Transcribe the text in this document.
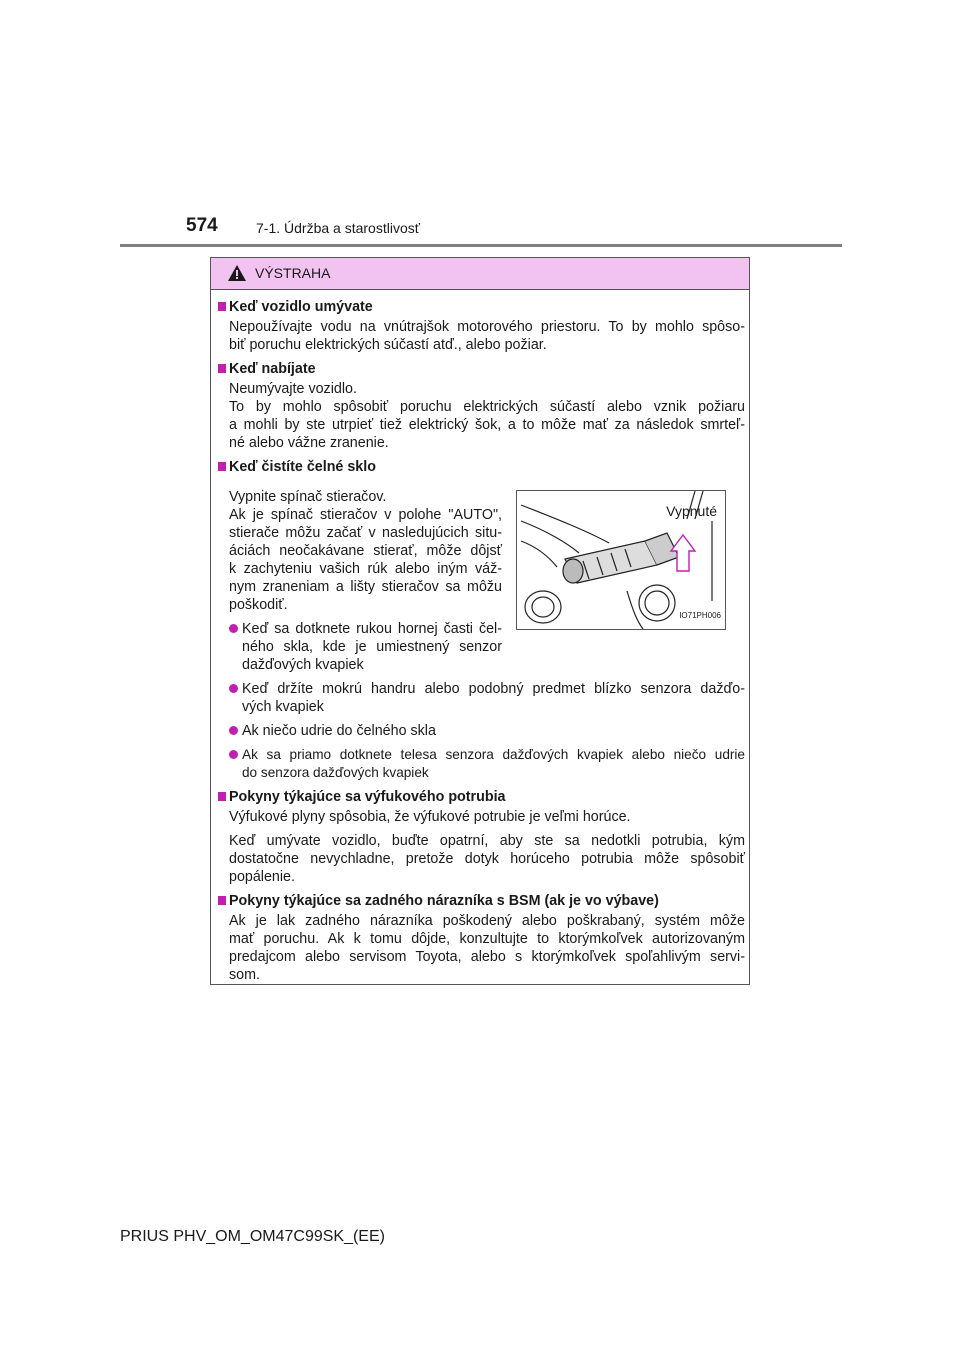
574	7-1. Údržba a starostlivosť
VÝSTRAHA
Keď vozidlo umývate
Nepoužívajte vodu na vnútrajšok motorového priestoru. To by mohlo spôso-
biť poruchu elektrických súčastí atď., alebo požiar.
Keď nabíjate
Neumývajte vozidlo.
To by mohlo spôsobiť poruchu elektrických súčastí alebo vznik požiaru
a mohli by ste utrpieť tiež elektrický šok, a to môže mať za následok smrteľ-
né alebo vážne zranenie.
Keď čistíte čelné sklo
Vypnite spínač stieračov.
Ak je spínač stieračov v polohe "AUTO",
stierače môžu začať v nasledujúcich situ-
áciách neočakávane stierať, môže dôjsť
k zachyteniu vašich rúk alebo iným váž-
nym zraneniam a lišty stieračov sa môžu
poškodiť.
Keď sa dotknete rukou hornej časti čel-
ného skla, kde je umiestnený senzor
dažďových kvapiek
Vypnuté
IO71PH006
Keď držíte mokrú handru alebo podobný predmet blízko senzora dažďo-
vých kvapiek
Ak niečo udrie do čelného skla
Ak sa priamo dotknete telesa senzora dažďových kvapiek alebo niečo udrie
do senzora dažďových kvapiek
Pokyny týkajúce sa výfukového potrubia
Výfukové plyny spôsobia, že výfukové potrubie je veľmi horúce.
Keď umývate vozidlo, buďte opatrní, aby ste sa nedotkli potrubia, kým
dostatočne nevychladne, pretože dotyk horúceho potrubia môže spôsobiť
popálenie.
Pokyny týkajúce sa zadného nárazníka s BSM (ak je vo výbave)
Ak je lak zadného nárazníka poškodený alebo poškrabaný, systém môže
mať poruchu. Ak k tomu dôjde, konzultujte to ktorýmkoľvek autorizovaným
predajcom alebo servisom Toyota, alebo s ktorýmkoľvek spoľahlivým servi-
som.
PRIUS PHV_OM_OM47C99SK_(EE)
